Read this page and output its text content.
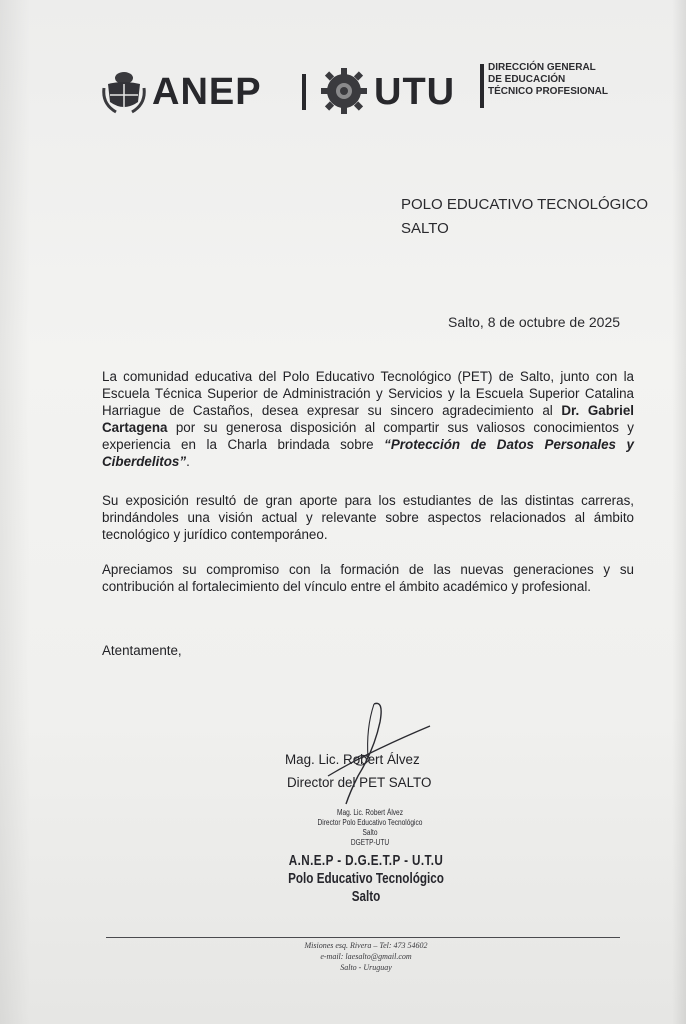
ANEP	UTU
DIRECCIÓN GENERAL
DE EDUCACIÓN
TÉCNICO PROFESIONAL
POLO EDUCATIVO TECNOLÓGICO
SALTO
Salto, 8 de octubre de 2025
La comunidad educativa del Polo Educativo Tecnológico (PET) de Salto, junto con la Escuela Técnica Superior de Administración y Servicios y la Escuela Superior Catalina Harriague de Castaños, desea expresar su sincero agradecimiento al Dr. Gabriel Cartagena por su generosa disposición al compartir sus valiosos conocimientos y experiencia en la Charla brindada sobre “Protección de Datos Personales y Ciberdelitos”.
Su exposición resultó de gran aporte para los estudiantes de las distintas carreras, brindándoles una visión actual y relevante sobre aspectos relacionados al ámbito tecnológico y jurídico contemporáneo.
Apreciamos su compromiso con la formación de las nuevas generaciones y su contribución al fortalecimiento del vínculo entre el ámbito académico y profesional.
Atentamente,
Mag. Lic. Robert Álvez
Director del PET SALTO
Mag. Lic. Robert Álvez
Director Polo Educativo Tecnológico Salto
DGETP-UTU
A.N.E.P - D.G.E.T.P - U.T.U
Polo Educativo Tecnológico
Salto
Misiones esq. Rivera – Tel: 473 54602
e-mail: laesalto@gmail.com
Salto - Uruguay
